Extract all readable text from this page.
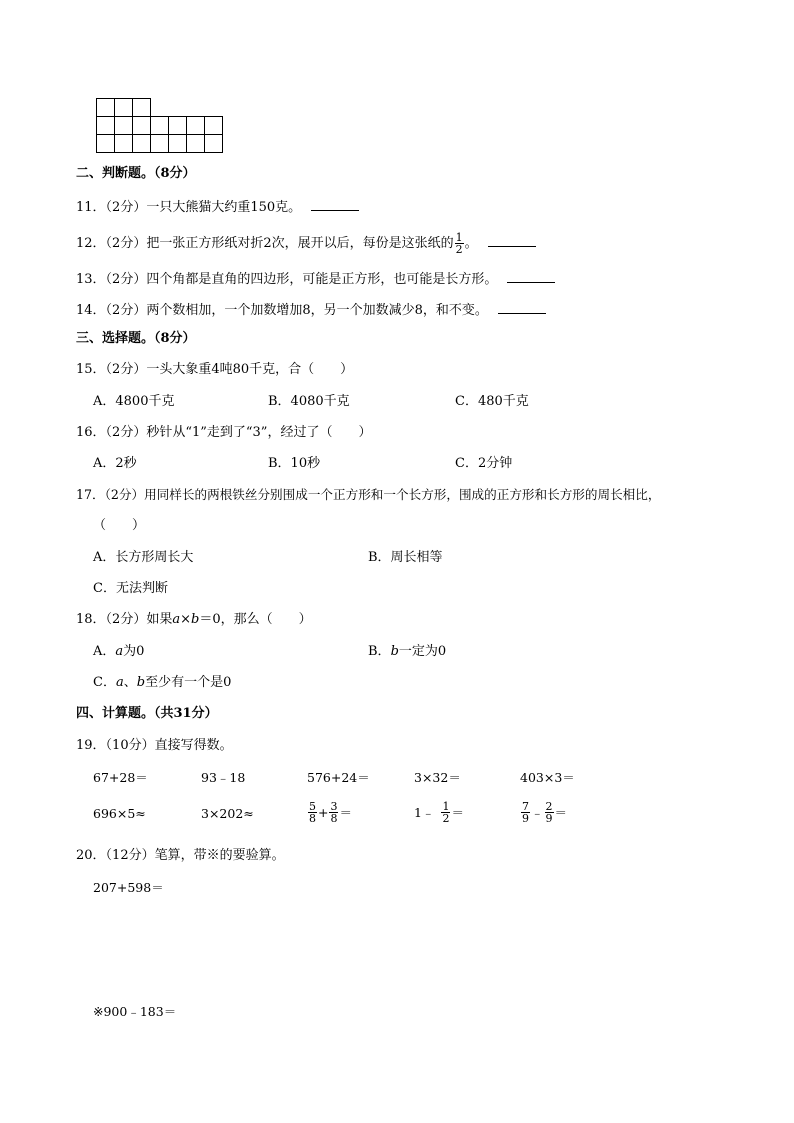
二、判断题。（8分）
11．（2分）一只大熊猫大约重150克。
12．（2分）把一张正方形纸对折2次，展开以后，每份是这张纸的 $\frac{1}{2}$ 。
13．（2分）四个角都是直角的四边形，可能是正方形，也可能是长方形。
14．（2分）两个数相加，一个加数增加8，另一个加数减少8，和不变。
三、选择题。（8分）
15．（2分）一头大象重4吨80千克，合（　　）
A．4800千克	B．4080千克	C．480千克
16．（2分）秒针从“1”走到了“3”，经过了（　　）
A．2秒	B．10秒	C．2分钟
17．（2分）用同样长的两根铁丝分别围成一个正方形和一个长方形，围成的正方形和长方形的周长相比，
（　　）
A．长方形周长大	B．周长相等
C．无法判断
18．（2分）如果a×b＝0，那么（　　）
A．a为0	B．b一定为0
C．a、b至少有一个是0
四、计算题。（共31分）
19．（10分）直接写得数。
67+28＝	93﹣18	576+24＝	3×32＝	403×3＝
696×5≈	3×202≈	$\frac{5}{8} + \frac{3}{8}$ ＝	1﹣ $\frac{1}{2}$ ＝	$\frac{7}{9}$ ﹣ $\frac{2}{9}$ ＝
20．（12分）笔算，带※的要验算。
207+598＝
※900﹣183＝
